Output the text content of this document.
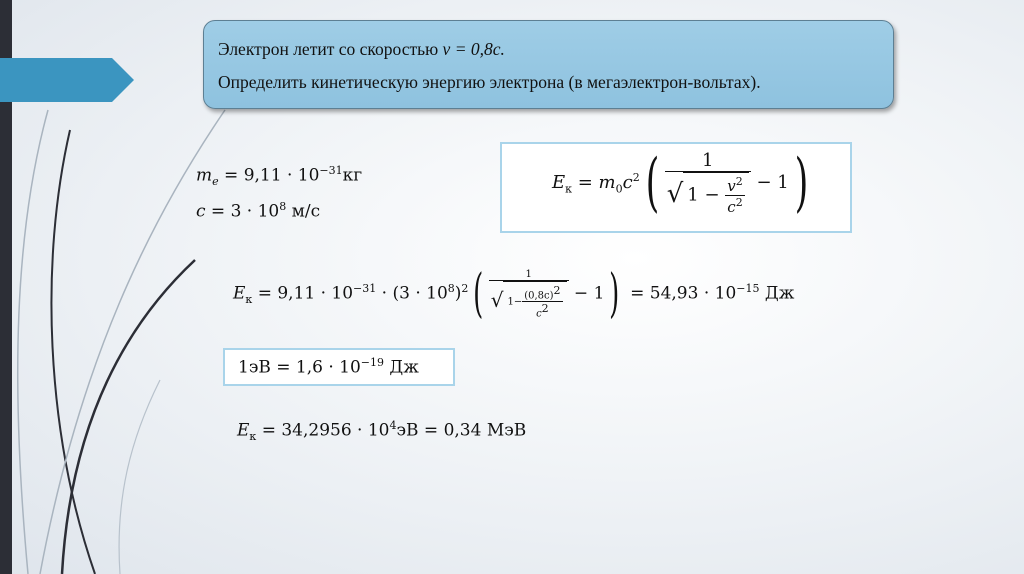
Электрон летит со скоростью v = 0,8c.
Определить кинетическую энергию электрона (в мегаэлектрон-вольтах).
$m_e = 9,11 \cdot 10^{-31}кг$
$c = 3 \cdot 10^8$ м/с
$E_к = m_0c^2( \frac{1}{√ 1 - \frac{v^2}{c^2}} - 1)$
$E_к = 9,11 \cdot 10^{-31} \cdot (3 \cdot 10^8)^2( \frac{1}{√ 1- \frac{(0,8c)^2}{c^2}} - 1) = 54,93 \cdot 10^{-15}$ Дж
$1эВ = 1,6 \cdot 10^{-19}$ Дж
$E_к = 34,2956 \cdot 10^4эВ = 0,34$ МэВ
